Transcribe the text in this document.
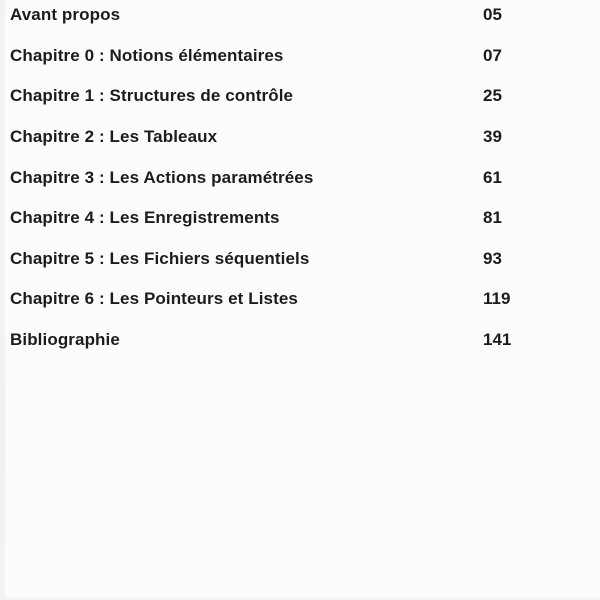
Avant propos	05
Chapitre 0 : Notions élémentaires	07
Chapitre 1 : Structures de contrôle	25
Chapitre 2 : Les Tableaux	39
Chapitre 3 : Les Actions paramétrées	61
Chapitre 4 : Les Enregistrements	81
Chapitre 5 : Les Fichiers séquentiels	93
Chapitre 6 : Les Pointeurs et Listes	119
Bibliographie	141
